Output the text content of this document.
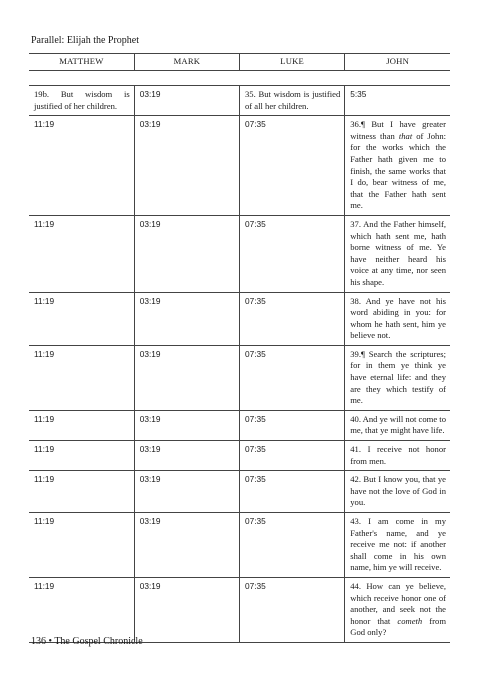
Parallel: Elijah the Prophet
MATTHEW	MARK	LUKE	JOHN

19b. But wisdom is justified of her children.	03:19	35. But wisdom is justified of all her children.	5:35
11:19	03:19	07:35	36.¶ But I have greater witness than that of John: for the works which the Father hath given me to finish, the same works that I do, bear witness of me, that the Father hath sent me.
11:19	03:19	07:35	37. And the Father himself, which hath sent me, hath borne witness of me. Ye have neither heard his voice at any time, nor seen his shape.
11:19	03:19	07:35	38. And ye have not his word abiding in you: for whom he hath sent, him ye believe not.
11:19	03:19	07:35	39.¶ Search the scriptures; for in them ye think ye have eternal life: and they are they which testify of me.
11:19	03:19	07:35	40. And ye will not come to me, that ye might have life.
11:19	03:19	07:35	41. I receive not honor from men.
11:19	03:19	07:35	42. But I know you, that ye have not the love of God in you.
11:19	03:19	07:35	43. I am come in my Father's name, and ye receive me not: if another shall come in his own name, him ye will receive.
11:19	03:19	07:35	44. How can ye believe, which receive honor one of another, and seek not the honor that cometh from God only?
136 • The Gospel Chronicle
